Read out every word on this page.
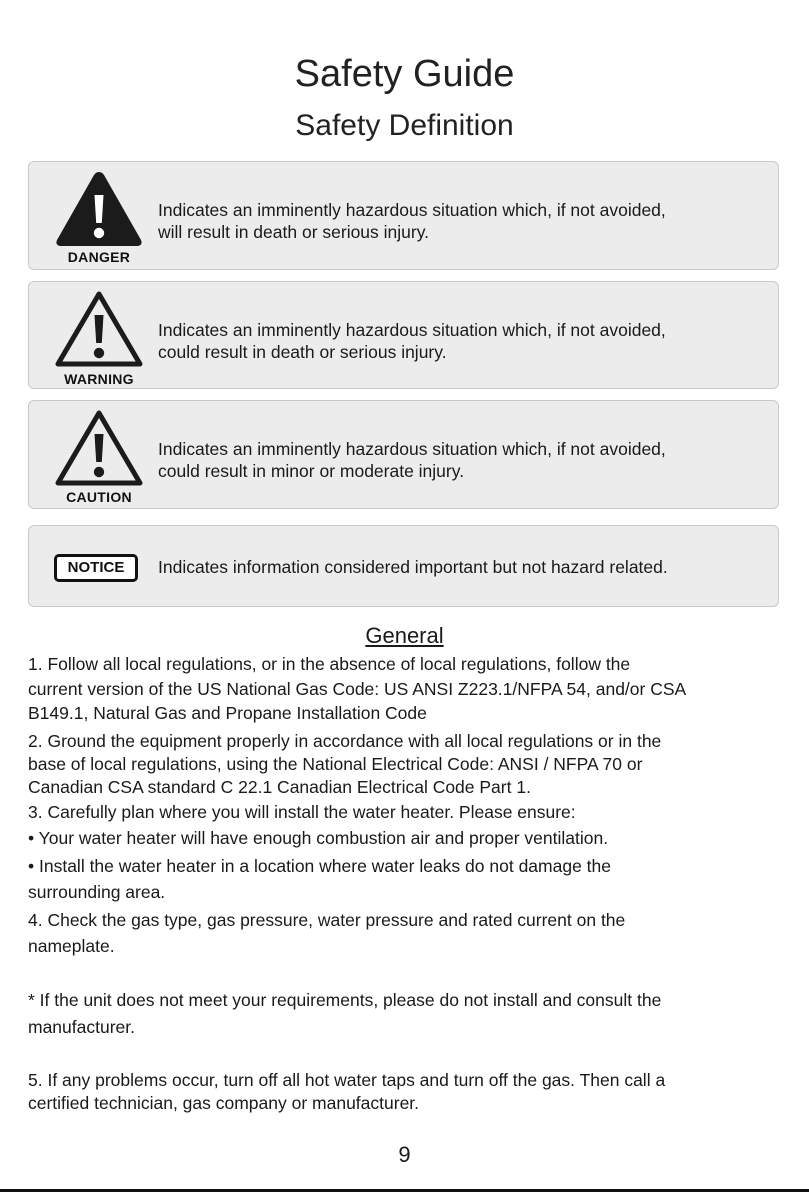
Safety Guide
Safety Definition
DANGER
Indicates an imminently hazardous situation which, if not avoided,
will result in death or serious injury.
WARNING
Indicates an imminently hazardous situation which, if not avoided,
could result in death or serious injury.
CAUTION
Indicates an imminently hazardous situation which, if not avoided,
could result in minor or moderate injury.
NOTICE	Indicates information considered important but not hazard related.
General
1. Follow all local regulations, or in the absence of local regulations, follow the
current version of the US National Gas Code: US ANSI Z223.1/NFPA 54, and/or CSA
B149.1, Natural Gas and Propane Installation Code
2. Ground the equipment properly in accordance with all local regulations or in the
base of local regulations, using the National Electrical Code: ANSI / NFPA 70 or
Canadian CSA standard C 22.1 Canadian Electrical Code Part 1.
3. Carefully plan where you will install the water heater. Please ensure:
• Your water heater will have enough combustion air and proper ventilation.
• Install the water heater in a location where water leaks do not damage the
surrounding area.
4. Check the gas type, gas pressure, water pressure and rated current on the
nameplate.
* If the unit does not meet your requirements, please do not install and consult the
manufacturer.
5. If any problems occur, turn off all hot water taps and turn off the gas. Then call a
certified technician, gas company or manufacturer.
9
